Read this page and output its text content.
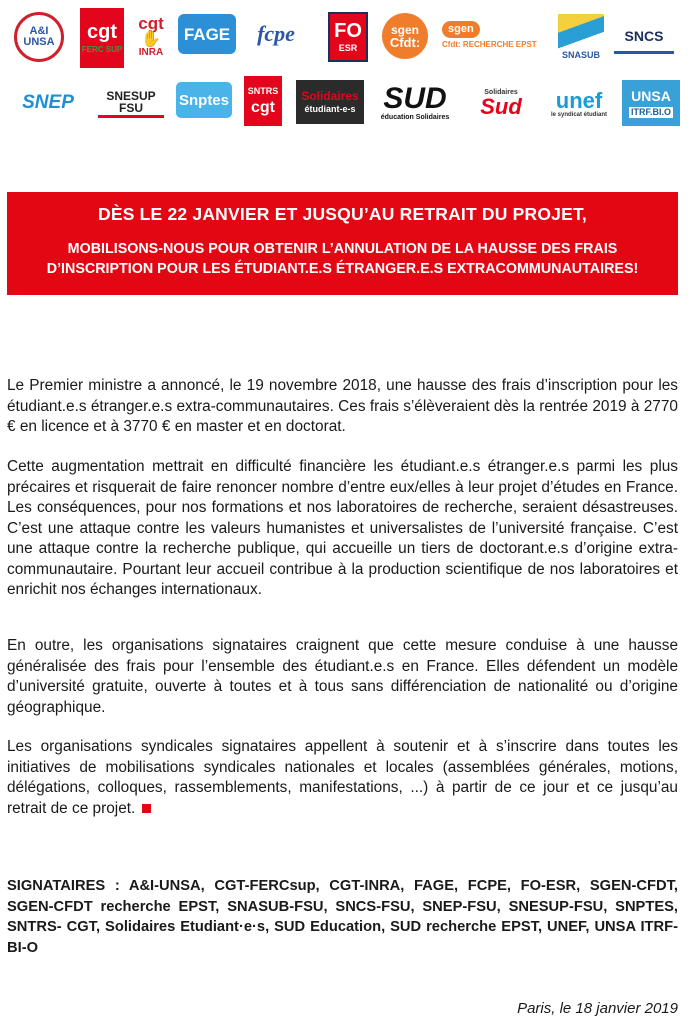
A&I UNSA	cgt
FERC SUP
cgt
✋
INRA
FAGE fcpe FO
ESR
sgen
Cfdt:
sgen
Cfdt: RECHERCHE EPST
SNASUB
SNCS
SNEP	SNESUP FSU	Snptes
SNTRS
cgt
Solidaires
étudiant-e-s SUD
éducation Solidaires
Solidaires
Sud unef
le syndicat étudiant
UNSA
ITRF.BI.O
DÈS LE 22 JANVIER ET JUSQU’AU RETRAIT DU PROJET,
MOBILISONS-NOUS POUR OBTENIR L’ANNULATION DE LA HAUSSE DES FRAIS
D’INSCRIPTION POUR LES ÉTUDIANT.E.S ÉTRANGER.E.S EXTRACOMMUNAUTAIRES!
Le Premier ministre a annoncé, le 19 novembre 2018, une hausse des frais d’inscription pour les étudiant.e.s étranger.e.s extra-communautaires. Ces frais s’élèveraient dès la rentrée 2019 à 2770 € en licence et à 3770 € en master et en doctorat.
Cette augmentation mettrait en difficulté financière les étudiant.e.s étranger.e.s parmi les plus précaires et risquerait de faire renoncer nombre d’entre eux/elles à leur projet d’études en France. Les conséquences, pour nos formations et nos laboratoires de recherche, seraient désastreuses. C’est une attaque contre les valeurs humanistes et universalistes de l’université française. C’est une attaque contre la recherche publique, qui accueille un tiers de doctorant.e.s d’origine extra-communautaire. Pourtant leur accueil contribue à la production scientifique de nos laboratoires et enrichit nos échanges internationaux.
En outre, les organisations signataires craignent que cette mesure conduise à une hausse généralisée des frais pour l’ensemble des étudiant.e.s en France. Elles défendent un modèle d’université gratuite, ouverte à toutes et à tous sans différenciation de nationalité ou d’origine géographique.
Les organisations syndicales signataires appellent à soutenir et à s’inscrire dans toutes les initiatives de mobilisations syndicales nationales et locales (assemblées générales, motions, délégations, colloques, rassemblements, manifestations, ...) à partir de ce jour et ce jusqu’au retrait de ce projet.
SIGNATAIRES : A&I-UNSA, CGT-FERCsup, CGT-INRA, FAGE, FCPE, FO-ESR, SGEN-CFDT, SGEN-CFDT recherche EPST, SNASUB-FSU, SNCS-FSU, SNEP-FSU, SNESUP-FSU, SNPTES, SNTRS- CGT, Solidaires Etudiant·e·s, SUD Education, SUD recherche EPST, UNEF, UNSA ITRF-BI-O
Paris, le 18 janvier 2019
